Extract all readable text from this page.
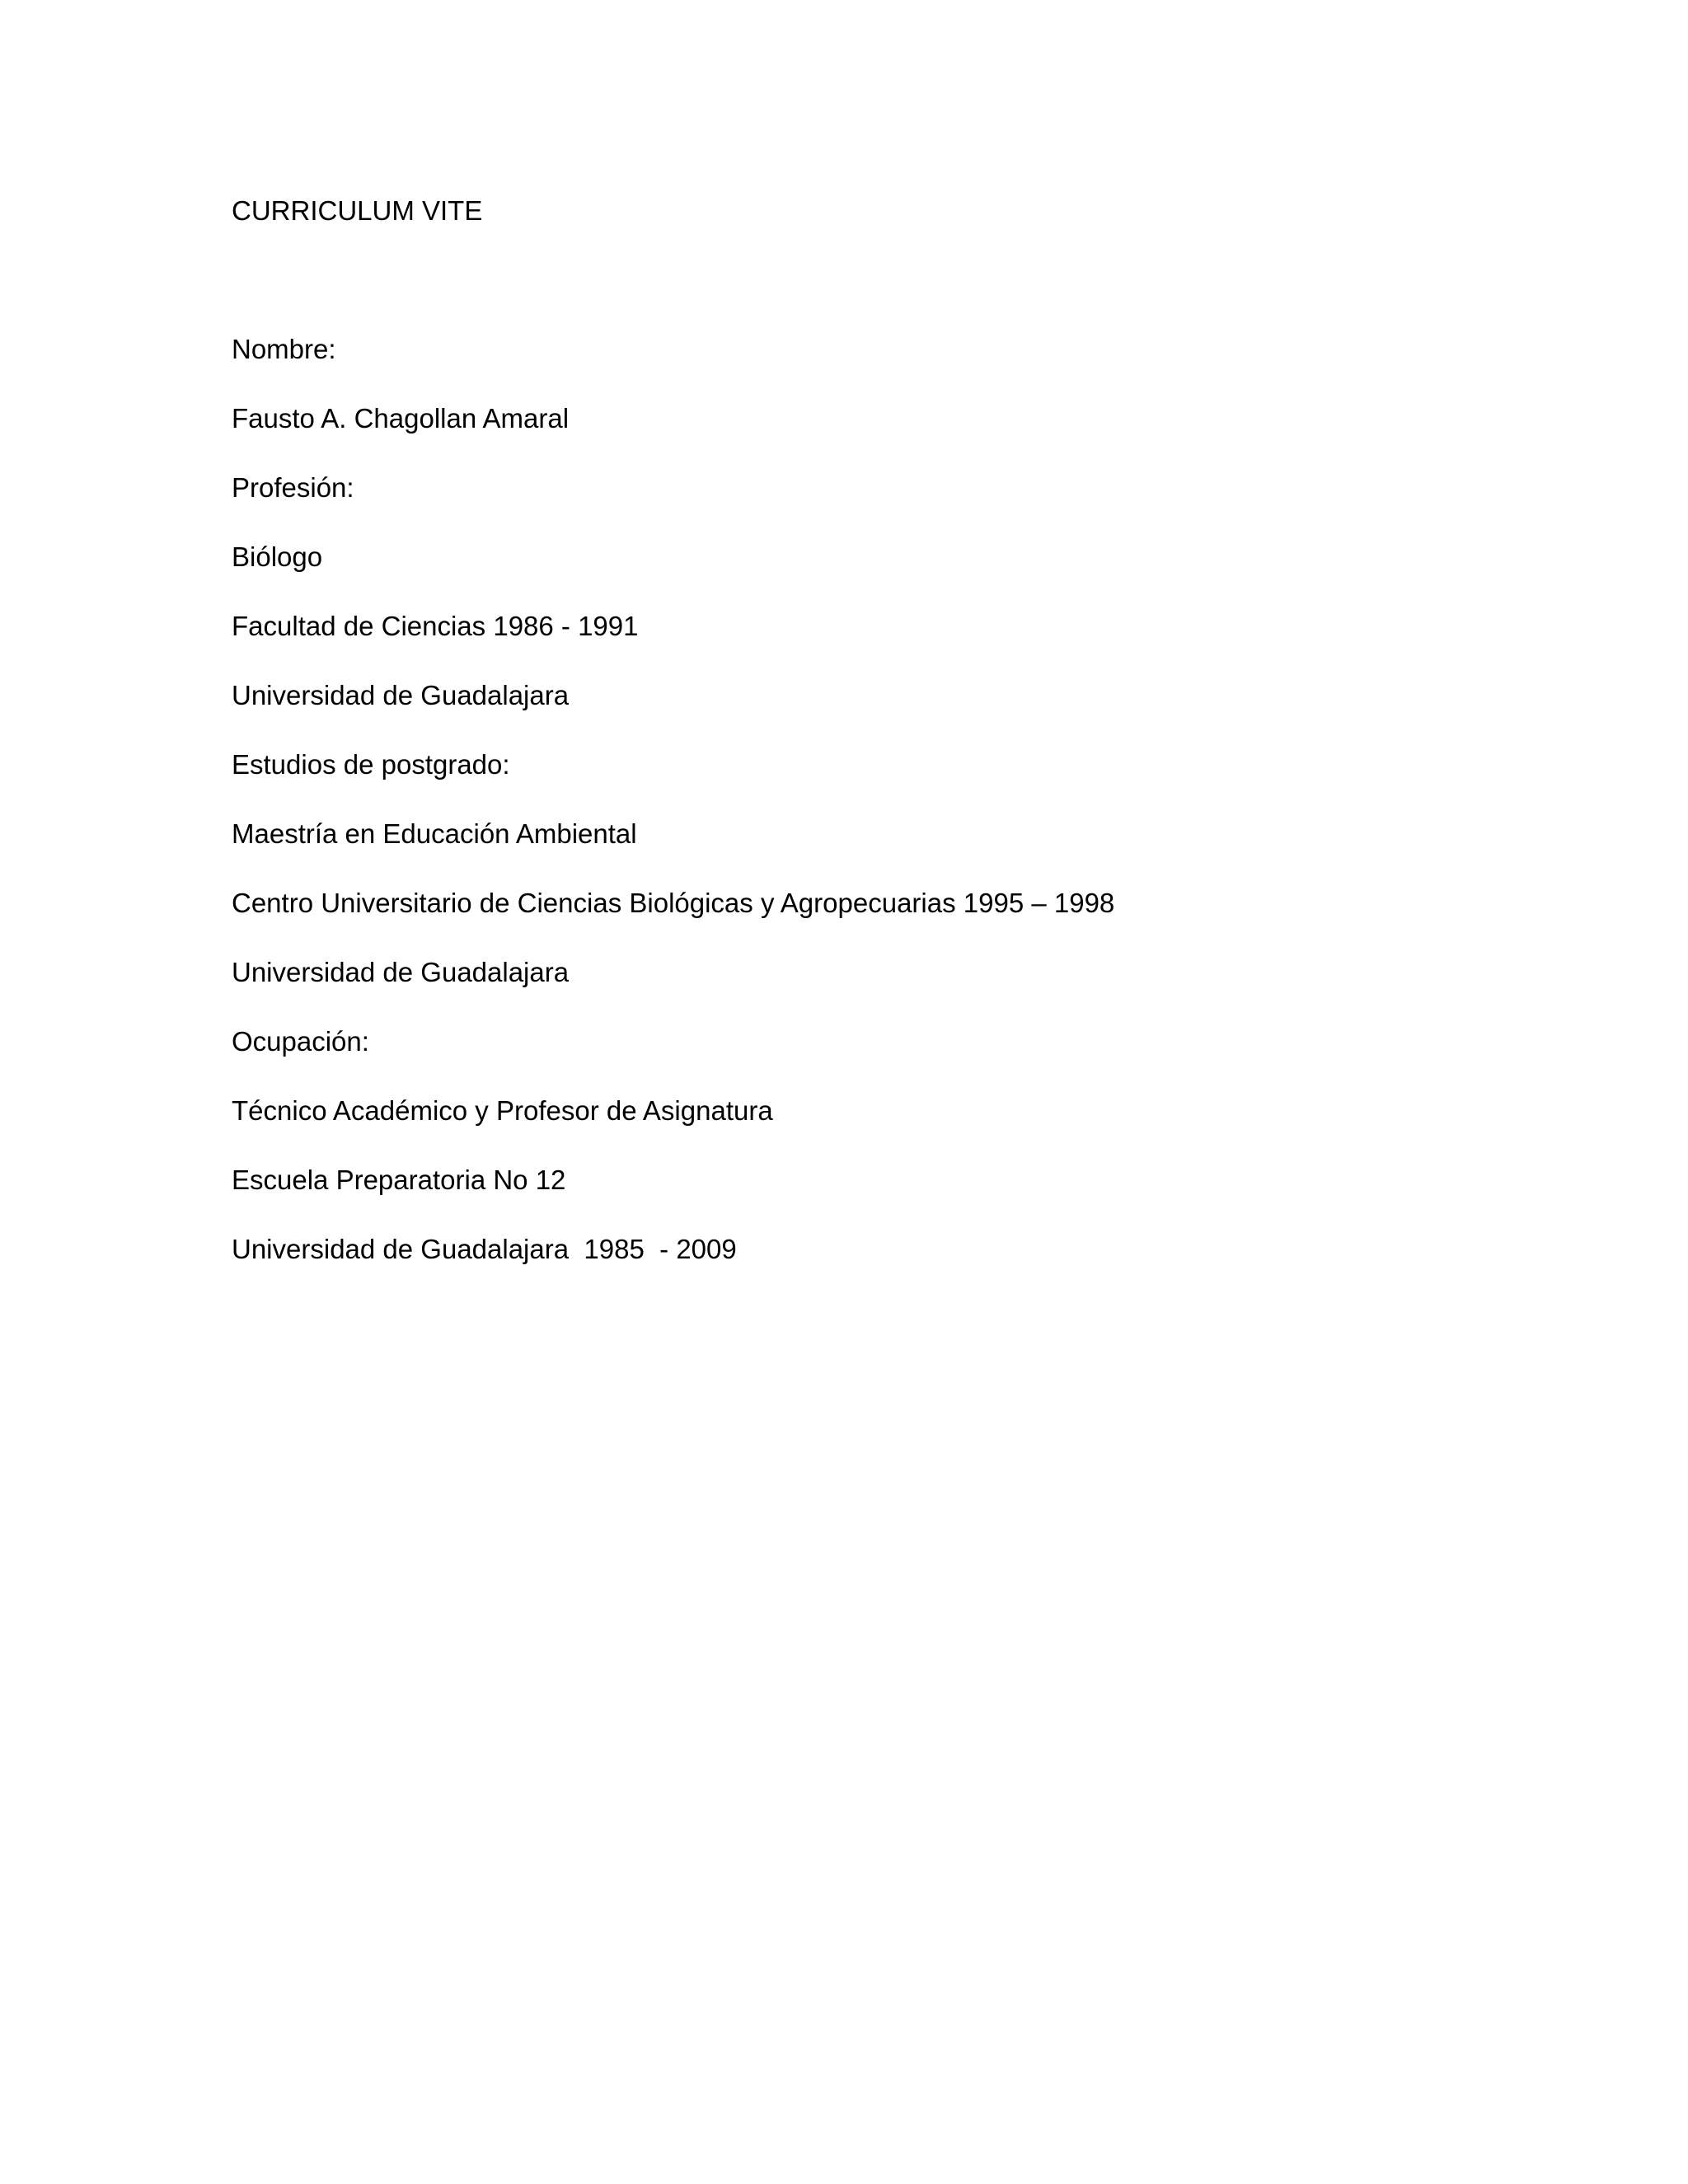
CURRICULUM VITE

Nombre:

Fausto A. Chagollan Amaral

Profesión:

Biólogo

Facultad de Ciencias 1986 - 1991

Universidad de Guadalajara

Estudios de postgrado:

Maestría en Educación Ambiental

Centro Universitario de Ciencias Biológicas y Agropecuarias 1995 – 1998

Universidad de Guadalajara

Ocupación:

Técnico Académico y Profesor de Asignatura

Escuela Preparatoria No 12

Universidad de Guadalajara  1985  - 2009
